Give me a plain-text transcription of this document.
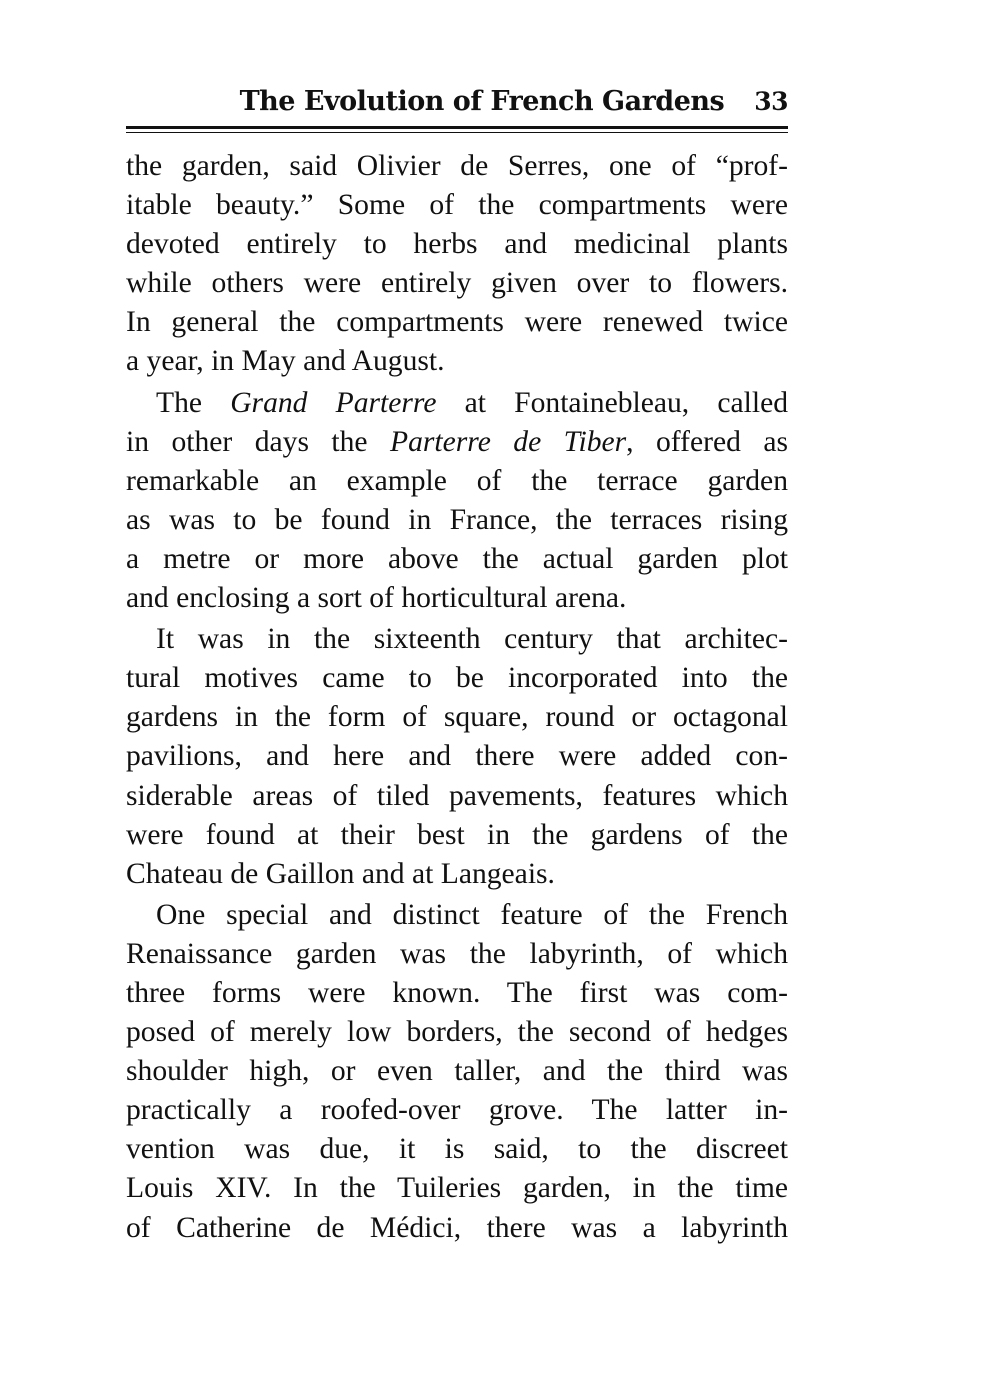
The Evolution of French Gardens 33

the garden, said Olivier de Serres, one of “prof-
itable beauty.” Some of the compartments were
devoted entirely to herbs and medicinal plants
while others were entirely given over to flowers.
In general the compartments were renewed twice
a year, in May and August.

The Grand Parterre at Fontainebleau, called
in other days the Parterre de Tiber, offered as
remarkable an example of the terrace garden
as was to be found in France, the terraces rising
a metre or more above the actual garden plot
and enclosing a sort of horticultural arena.

It was in the sixteenth century that architec-
tural motives came to be incorporated into the
gardens in the form of square, round or octagonal
pavilions, and here and there were added con-
siderable areas of tiled pavements, features which
were found at their best in the gardens of the
Chateau de Gaillon and at Langeais.

One special and distinct feature of the French
Renaissance garden was the labyrinth, of which
three forms were known. The first was com-
posed of merely low borders, the second of hedges
shoulder high, or even taller, and the third was
practically a roofed-over grove. The latter in-
vention was due, it is said, to the discreet
Louis XIV. In the Tuileries garden, in the time
of Catherine de Médici, there was a labyrinth
